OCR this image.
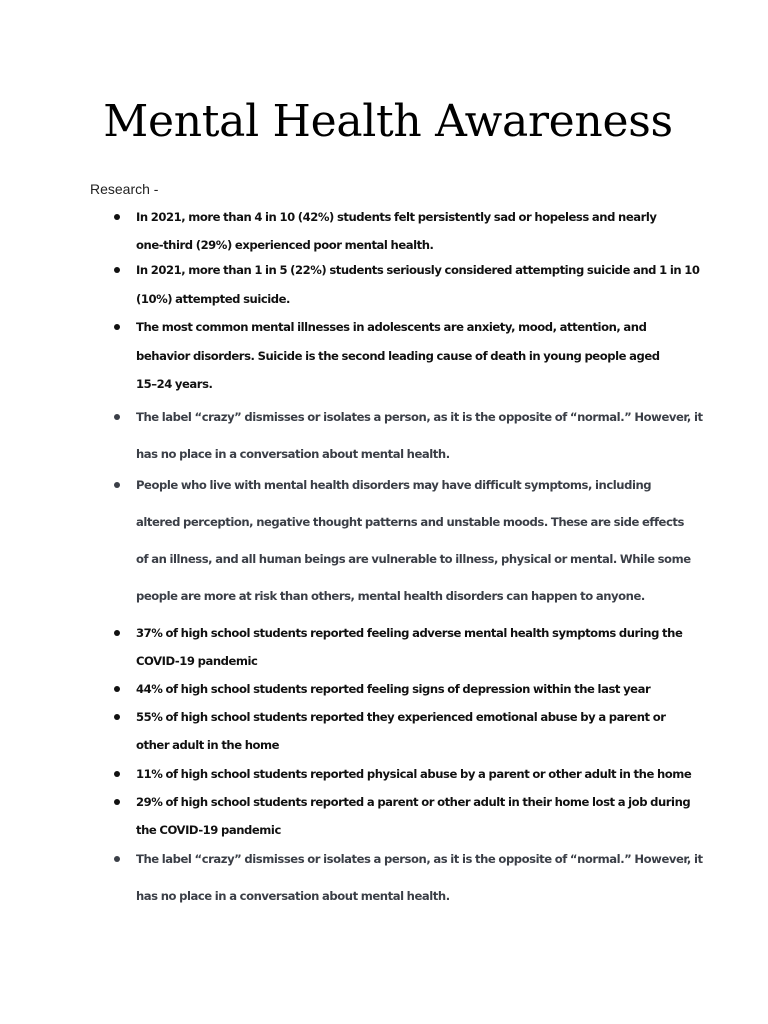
Mental Health Awareness
Research -
In 2021, more than 4 in 10 (42%) students felt persistently sad or hopeless and nearly
one-third (29%) experienced poor mental health.
In 2021, more than 1 in 5 (22%) students seriously considered attempting suicide and 1 in 10
(10%) attempted suicide.
The most common mental illnesses in adolescents are anxiety, mood, attention, and
behavior disorders. Suicide is the second leading cause of death in young people aged
15–24 years.
The label “crazy” dismisses or isolates a person, as it is the opposite of “normal.” However, it
has no place in a conversation about mental health.
People who live with mental health disorders may have difficult symptoms, including
altered perception, negative thought patterns and unstable moods. These are side effects
of an illness, and all human beings are vulnerable to illness, physical or mental. While some
people are more at risk than others, mental health disorders can happen to anyone.
37% of high school students reported feeling adverse mental health symptoms during the
COVID-19 pandemic
44% of high school students reported feeling signs of depression within the last year
55% of high school students reported they experienced emotional abuse by a parent or
other adult in the home
11% of high school students reported physical abuse by a parent or other adult in the home
29% of high school students reported a parent or other adult in their home lost a job during
the COVID-19 pandemic
The label “crazy” dismisses or isolates a person, as it is the opposite of “normal.” However, it
has no place in a conversation about mental health.
